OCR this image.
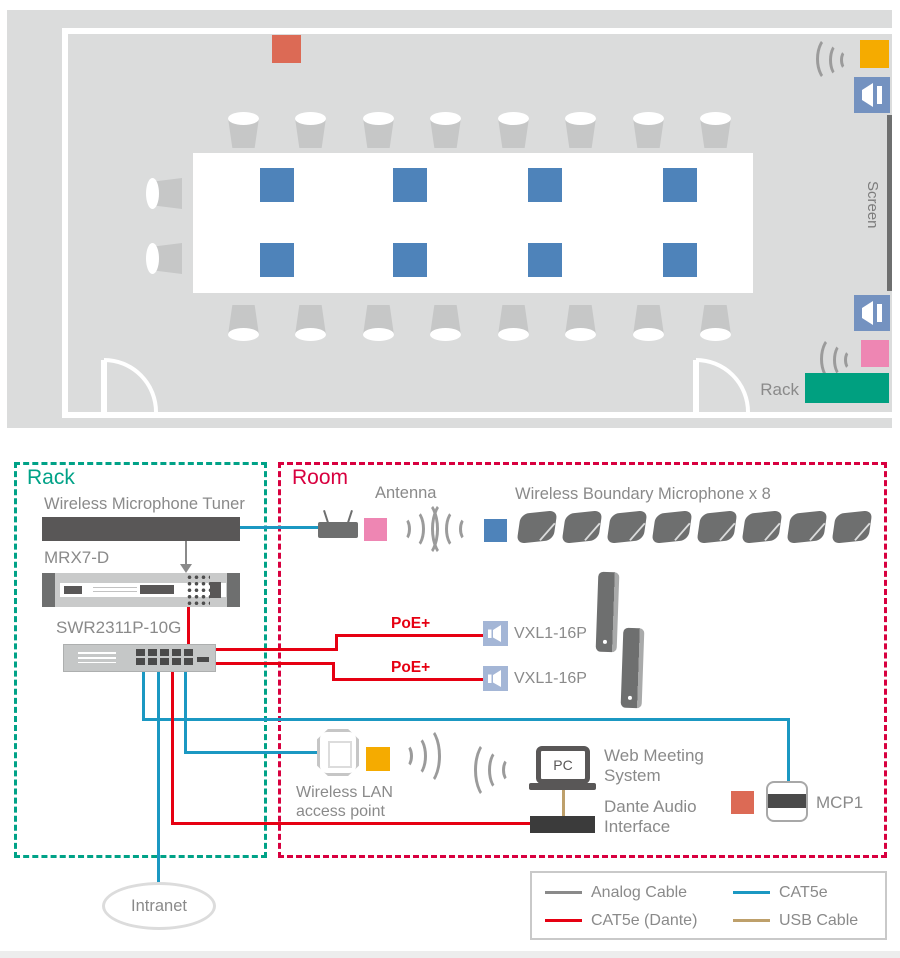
Screen
Rack
Rack	Room
Wireless Microphone Tuner
MRX7-D
SWR2311P-10G
Antenna	Wireless Boundary Microphone x 8
PoE+
PoE+
VXL1-16P
VXL1-16P
Wireless LAN
access point
PC Web Meeting
System
Dante Audio
Interface
MCP1
Intranet
Analog Cable	CAT5e
CAT5e (Dante)	USB Cable
